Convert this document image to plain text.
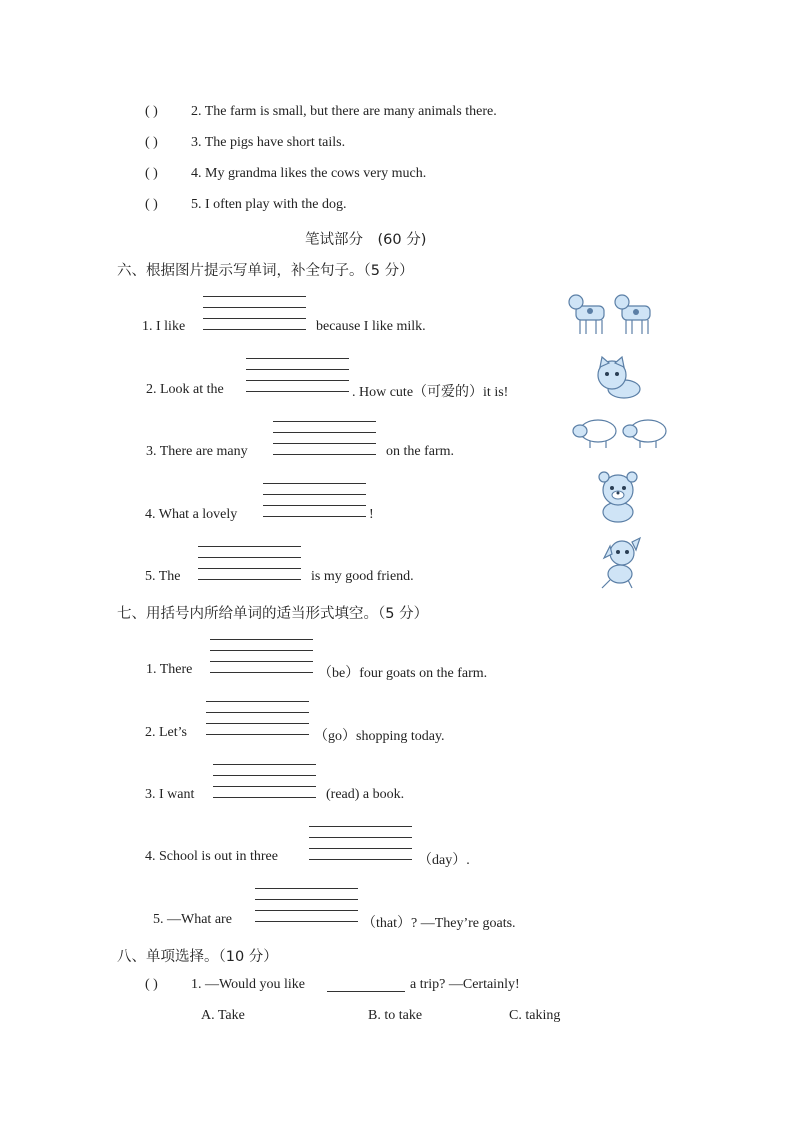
( ) 2. The farm is small, but there are many animals there.
( ) 3. The pigs have short tails.
( ) 4. My grandma likes the cows very much.
( ) 5. I often play with the dog.
笔试部分　(60 分)
六、根据图片提示写单词，补全句子。（5 分）
1. I like	because I like milk.
2. Look at the	. How cute（可爱的）it is!
3. There are many	on the farm.
4. What a lovely	!
5. The	is my good friend.
七、用括号内所给单词的适当形式填空。（5 分）
1. There	（be）four goats on the farm.
2. Let’s	（go）shopping today.
3. I want	(read) a book.
4. School is out in three	（day）.
5. —What are	（that）? —They’re goats.
八、单项选择。（10 分）
( ) 1. —Would you like	a trip? —Certainly!
A. Take	B. to take	C. taking
